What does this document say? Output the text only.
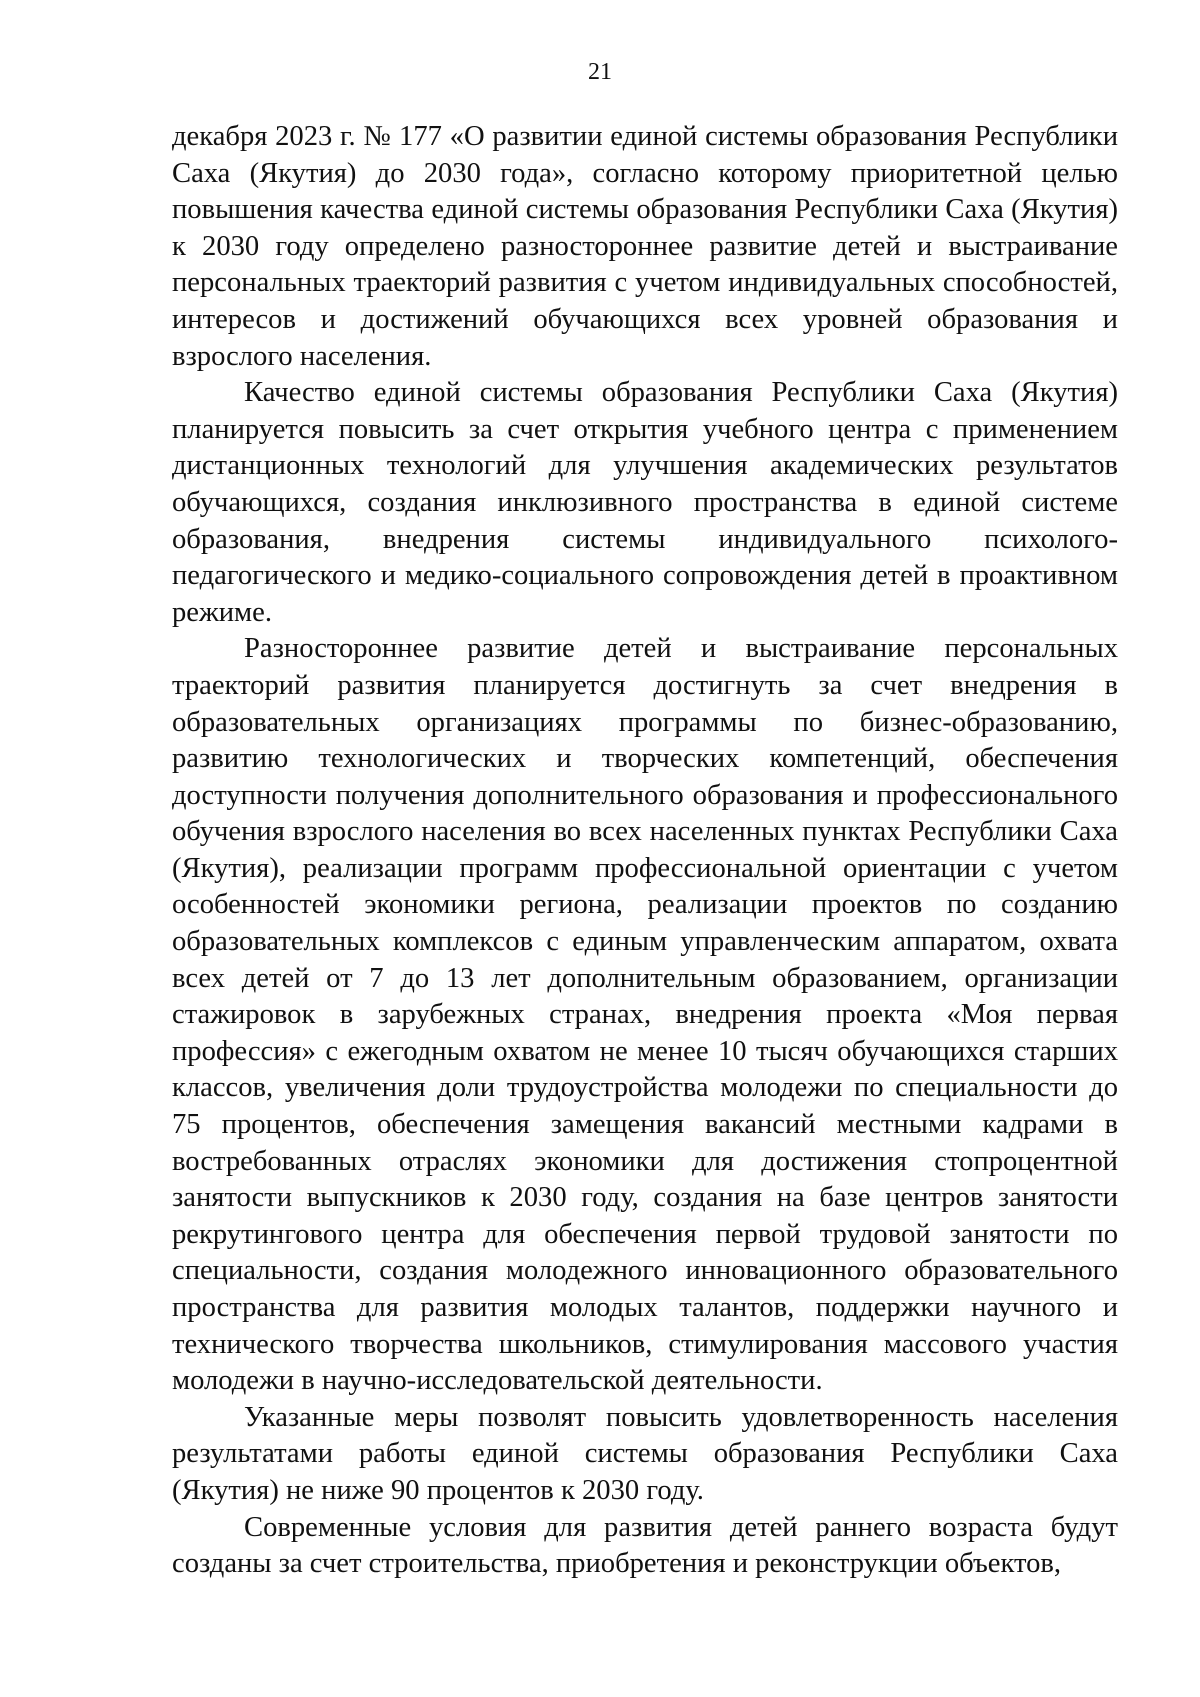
21

декабря 2023 г. № 177 «О развитии единой системы образования Республики Саха (Якутия) до 2030 года», согласно которому приоритетной целью повышения качества единой системы образования Республики Саха (Якутия) к 2030 году определено разностороннее развитие детей и выстраивание персональных траекторий развития с учетом индивидуальных способностей, интересов и достижений обучающихся всех уровней образования и взрослого населения.

Качество единой системы образования Республики Саха (Якутия) планируется повысить за счет открытия учебного центра с применением дистанционных технологий для улучшения академических результатов обучающихся, создания инклюзивного пространства в единой системе образования, внедрения системы индивидуального психолого-педагогического и медико-социального сопровождения детей в проактивном режиме.

Разностороннее развитие детей и выстраивание персональных траекторий развития планируется достигнуть за счет внедрения в образовательных организациях программы по бизнес-образованию, развитию технологических и творческих компетенций, обеспечения доступности получения дополнительного образования и профессионального обучения взрослого населения во всех населенных пунктах Республики Саха (Якутия), реализации программ профессиональной ориентации с учетом особенностей экономики региона, реализации проектов по созданию образовательных комплексов с единым управленческим аппаратом, охвата всех детей от 7 до 13 лет дополнительным образованием, организации стажировок в зарубежных странах, внедрения проекта «Моя первая профессия» с ежегодным охватом не менее 10 тысяч обучающихся старших классов, увеличения доли трудоустройства молодежи по специальности до 75 процентов, обеспечения замещения вакансий местными кадрами в востребованных отраслях экономики для достижения стопроцентной занятости выпускников к 2030 году, создания на базе центров занятости рекрутингового центра для обеспечения первой трудовой занятости по специальности, создания молодежного инновационного образовательного пространства для развития молодых талантов, поддержки научного и технического творчества школьников, стимулирования массового участия молодежи в научно-исследовательской деятельности.

Указанные меры позволят повысить удовлетворенность населения результатами работы единой системы образования Республики Саха (Якутия) не ниже 90 процентов к 2030 году.

Современные условия для развития детей раннего возраста будут созданы за счет строительства, приобретения и реконструкции объектов,
